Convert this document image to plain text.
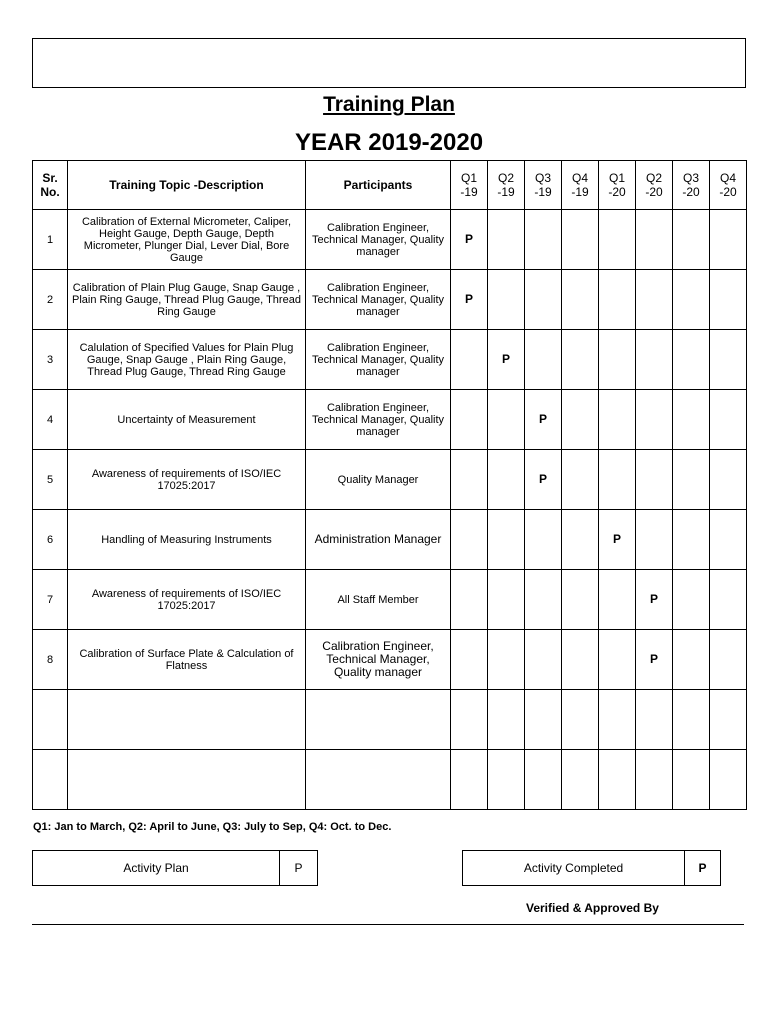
Training Plan
YEAR 2019-2020
Sr. No.	Training Topic -Description	Participants	Q1 -19	Q2 -19	Q3 -19	Q4 -19	Q1 -20	Q2 -20	Q3 -20	Q4 -20
1	Calibration of External Micrometer, Caliper, Height Gauge, Depth Gauge, Depth Micrometer, Plunger Dial, Lever Dial, Bore Gauge	Calibration Engineer, Technical Manager, Quality manager	P							
2	Calibration of Plain Plug Gauge, Snap Gauge , Plain Ring Gauge, Thread Plug Gauge, Thread Ring Gauge	Calibration Engineer, Technical Manager, Quality manager	P							
3	Calulation of Specified Values for Plain Plug Gauge, Snap Gauge , Plain Ring Gauge, Thread Plug Gauge, Thread Ring Gauge	Calibration Engineer, Technical Manager, Quality manager		P						
4	Uncertainty of Measurement	Calibration Engineer, Technical Manager, Quality manager			P					
5	Awareness of requirements of ISO/IEC 17025:2017	Quality Manager			P					
6	Handling of Measuring Instruments	Administration Manager					P			
7	Awareness of requirements of ISO/IEC 17025:2017	All Staff Member						P		
8	Calibration of Surface Plate & Calculation of Flatness	Calibration Engineer, Technical Manager, Quality manager						P		

Q1: Jan to March, Q2: April to June, Q3: July to Sep, Q4: Oct. to Dec.
Activity Plan	P	Activity Completed	P
Verified & Approved By
